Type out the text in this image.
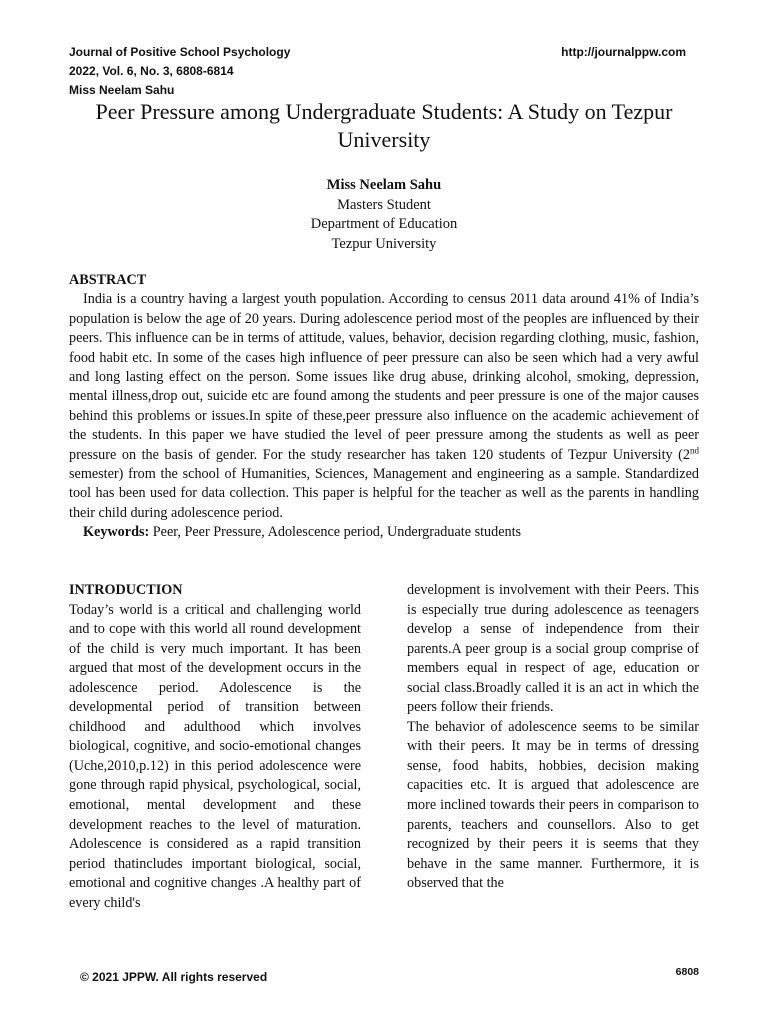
Journal of Positive School Psychology
2022, Vol. 6, No. 3, 6808-6814
Miss Neelam Sahu
http://journalppw.com
Peer Pressure among Undergraduate Students: A Study on Tezpur University
Miss Neelam Sahu
Masters Student
Department of Education
Tezpur University
ABSTRACT

India is a country having a largest youth population. According to census 2011 data around 41% of India’s population is below the age of 20 years. During adolescence period most of the peoples are influenced by their peers. This influence can be in terms of attitude, values, behavior, decision regarding clothing, music, fashion, food habit etc. In some of the cases high influence of peer pressure can also be seen which had a very awful and long lasting effect on the person. Some issues like drug abuse, drinking alcohol, smoking, depression, mental illness,drop out, suicide etc are found among the students and peer pressure is one of the major causes behind this problems or issues.In spite of these,peer pressure also influence on the academic achievement of the students. In this paper we have studied the level of peer pressure among the students as well as peer pressure on the basis of gender. For the study researcher has taken 120 students of Tezpur University (2nd semester) from the school of Humanities, Sciences, Management and engineering as a sample. Standardized tool has been used for data collection. This paper is helpful for the teacher as well as the parents in handling their child during adolescence period.

Keywords: Peer, Peer Pressure, Adolescence period, Undergraduate students

INTRODUCTION

Today’s world is a critical and challenging world and to cope with this world all round development of the child is very much important. It has been argued that most of the development occurs in the adolescence period. Adolescence is the developmental period of transition between childhood and adulthood which involves biological, cognitive, and socio-emotional changes (Uche,2010,p.12) in this period adolescence were gone through rapid physical, psychological, social, emotional, mental development and these development reaches to the level of maturation. Adolescence is considered as a rapid transition period thatincludes important biological, social, emotional and cognitive changes .A healthy part of every child's

development is involvement with their Peers. This is especially true during adolescence as teenagers develop a sense of independence from their parents.A peer group is a social group comprise of members equal in respect of age, education or social class.Broadly called it is an act in which the peers follow their friends.

The behavior of adolescence seems to be similar with their peers. It may be in terms of dressing sense, food habits, hobbies, decision making capacities etc. It is argued that adolescence are more inclined towards their peers in comparison to parents, teachers and counsellors. Also to get recognized by their peers it is seems that they behave in the same manner. Furthermore, it is observed that the

© 2021 JPPW. All rights reserved	6808
